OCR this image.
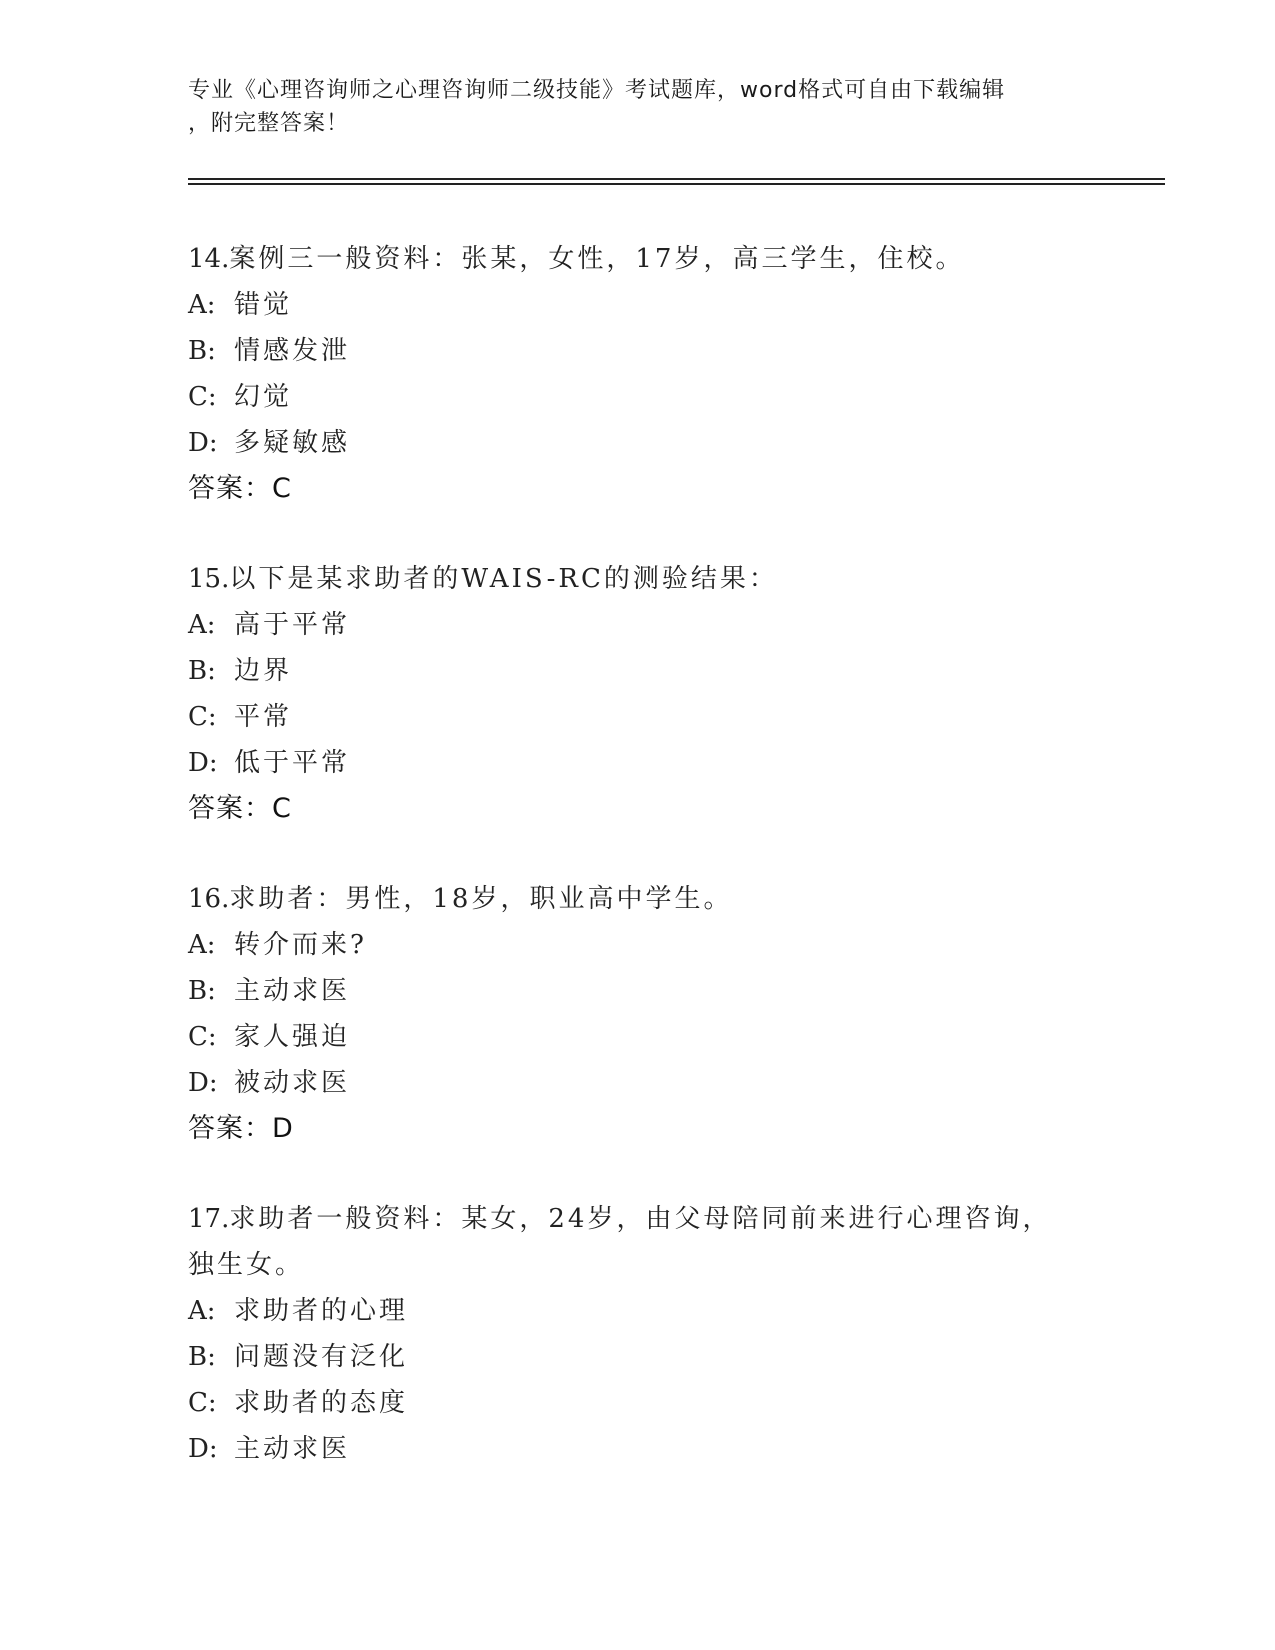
专业《心理咨询师之心理咨询师二级技能》考试题库，word格式可自由下载编辑
，附完整答案！
14.案例三一般资料：张某，女性，17岁，高三学生，住校。
A: 错觉
B: 情感发泄
C: 幻觉
D: 多疑敏感
答案：C
15.以下是某求助者的WAIS-RC的测验结果：
A: 高于平常
B: 边界
C: 平常
D: 低于平常
答案：C
16.求助者：男性，18岁，职业高中学生。
A: 转介而来?
B: 主动求医
C: 家人强迫
D: 被动求医
答案：D
17.求助者一般资料：某女，24岁，由父母陪同前来进行心理咨询，独生女。
A: 求助者的心理
B: 问题没有泛化
C: 求助者的态度
D: 主动求医
